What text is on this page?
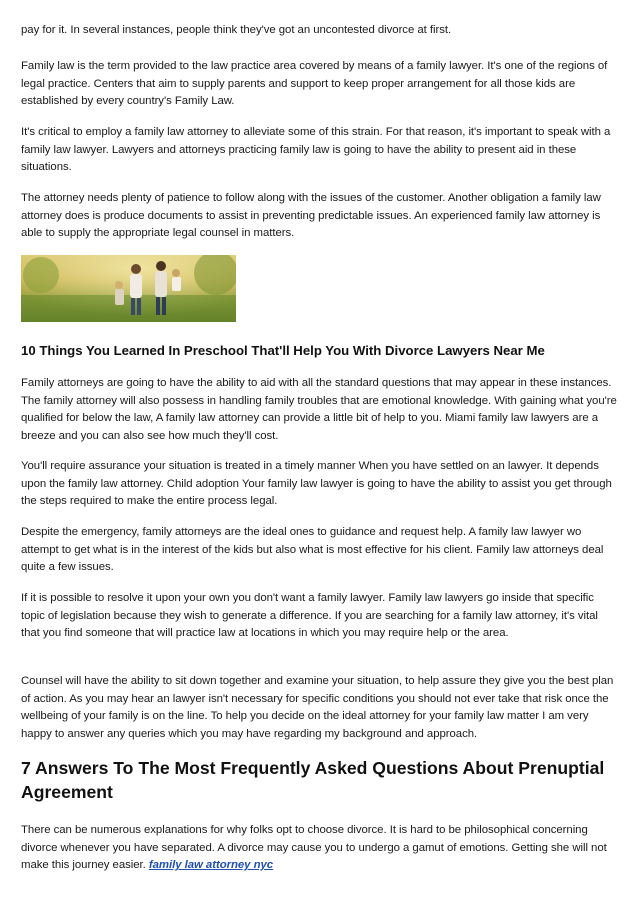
pay for it. In several instances, people think they've got an uncontested divorce at first.

Family law is the term provided to the law practice area covered by means of a family lawyer. It's one of the regions of legal practice. Centers that aim to supply parents and support to keep proper arrangement for all those kids are established by every country's Family Law.

It's critical to employ a family law attorney to alleviate some of this strain. For that reason, it's important to speak with a family law lawyer. Lawyers and attorneys practicing family law is going to have the ability to present aid in these situations.

The attorney needs plenty of patience to follow along with the issues of the customer. Another obligation a family law attorney does is produce documents to assist in preventing predictable issues. An experienced family law attorney is able to supply the appropriate legal counsel in matters.

10 Things You Learned In Preschool That'll Help You With Divorce Lawyers Near Me

Family attorneys are going to have the ability to aid with all the standard questions that may appear in these instances. The family attorney will also possess in handling family troubles that are emotional knowledge. With gaining what you're qualified for below the law, A family law attorney can provide a little bit of help to you. Miami family law lawyers are a breeze and you can also see how much they'll cost.

You'll require assurance your situation is treated in a timely manner When you have settled on an lawyer. It depends upon the family law attorney. Child adoption Your family law lawyer is going to have the ability to assist you get through the steps required to make the entire process legal.

Despite the emergency, family attorneys are the ideal ones to guidance and request help. A family law lawyer wo attempt to get what is in the interest of the kids but also what is most effective for his client. Family law attorneys deal quite a few issues.

If it is possible to resolve it upon your own you don't want a family lawyer. Family law lawyers go inside that specific topic of legislation because they wish to generate a difference. If you are searching for a family law attorney, it's vital that you find someone that will practice law at locations in which you may require help or the area.

Counsel will have the ability to sit down together and examine your situation, to help assure they give you the best plan of action. As you may hear an lawyer isn't necessary for specific conditions you should not ever take that risk once the wellbeing of your family is on the line. To help you decide on the ideal attorney for your family law matter I am very happy to answer any queries which you may have regarding my background and approach.

7 Answers To The Most Frequently Asked Questions About Prenuptial Agreement

There can be numerous explanations for why folks opt to choose divorce. It is hard to be philosophical concerning divorce whenever you have separated. A divorce may cause you to undergo a gamut of emotions. Getting she will not make this journey easier. family law attorney nyc
